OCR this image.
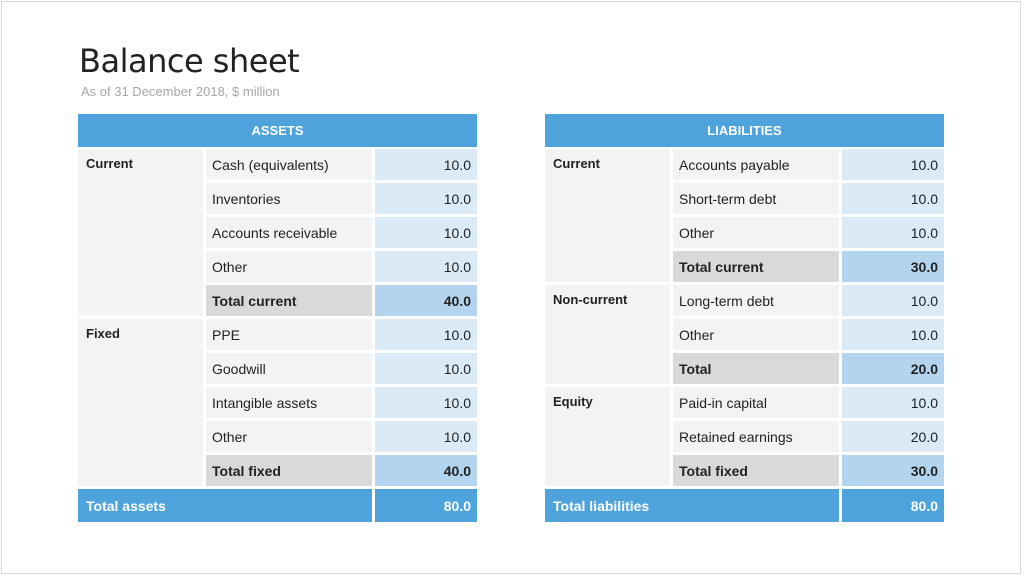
Balance sheet
As of 31 December 2018, $ million
ASSETS
Current	Cash (equivalents)	10.0
Inventories	10.0
Accounts receivable	10.0
Other	10.0
Total current	40.0
Fixed	PPE	10.0
Goodwill	10.0
Intangible assets	10.0
Other	10.0
Total fixed	40.0
Total assets	80.0
LIABILITIES
Current	Accounts payable	10.0
Short-term debt	10.0
Other	10.0
Total current	30.0
Non-current	Long-term debt	10.0
Other	10.0
Total	20.0
Equity	Paid-in capital	10.0
Retained earnings	20.0
Total fixed	30.0
Total liabilities	80.0
